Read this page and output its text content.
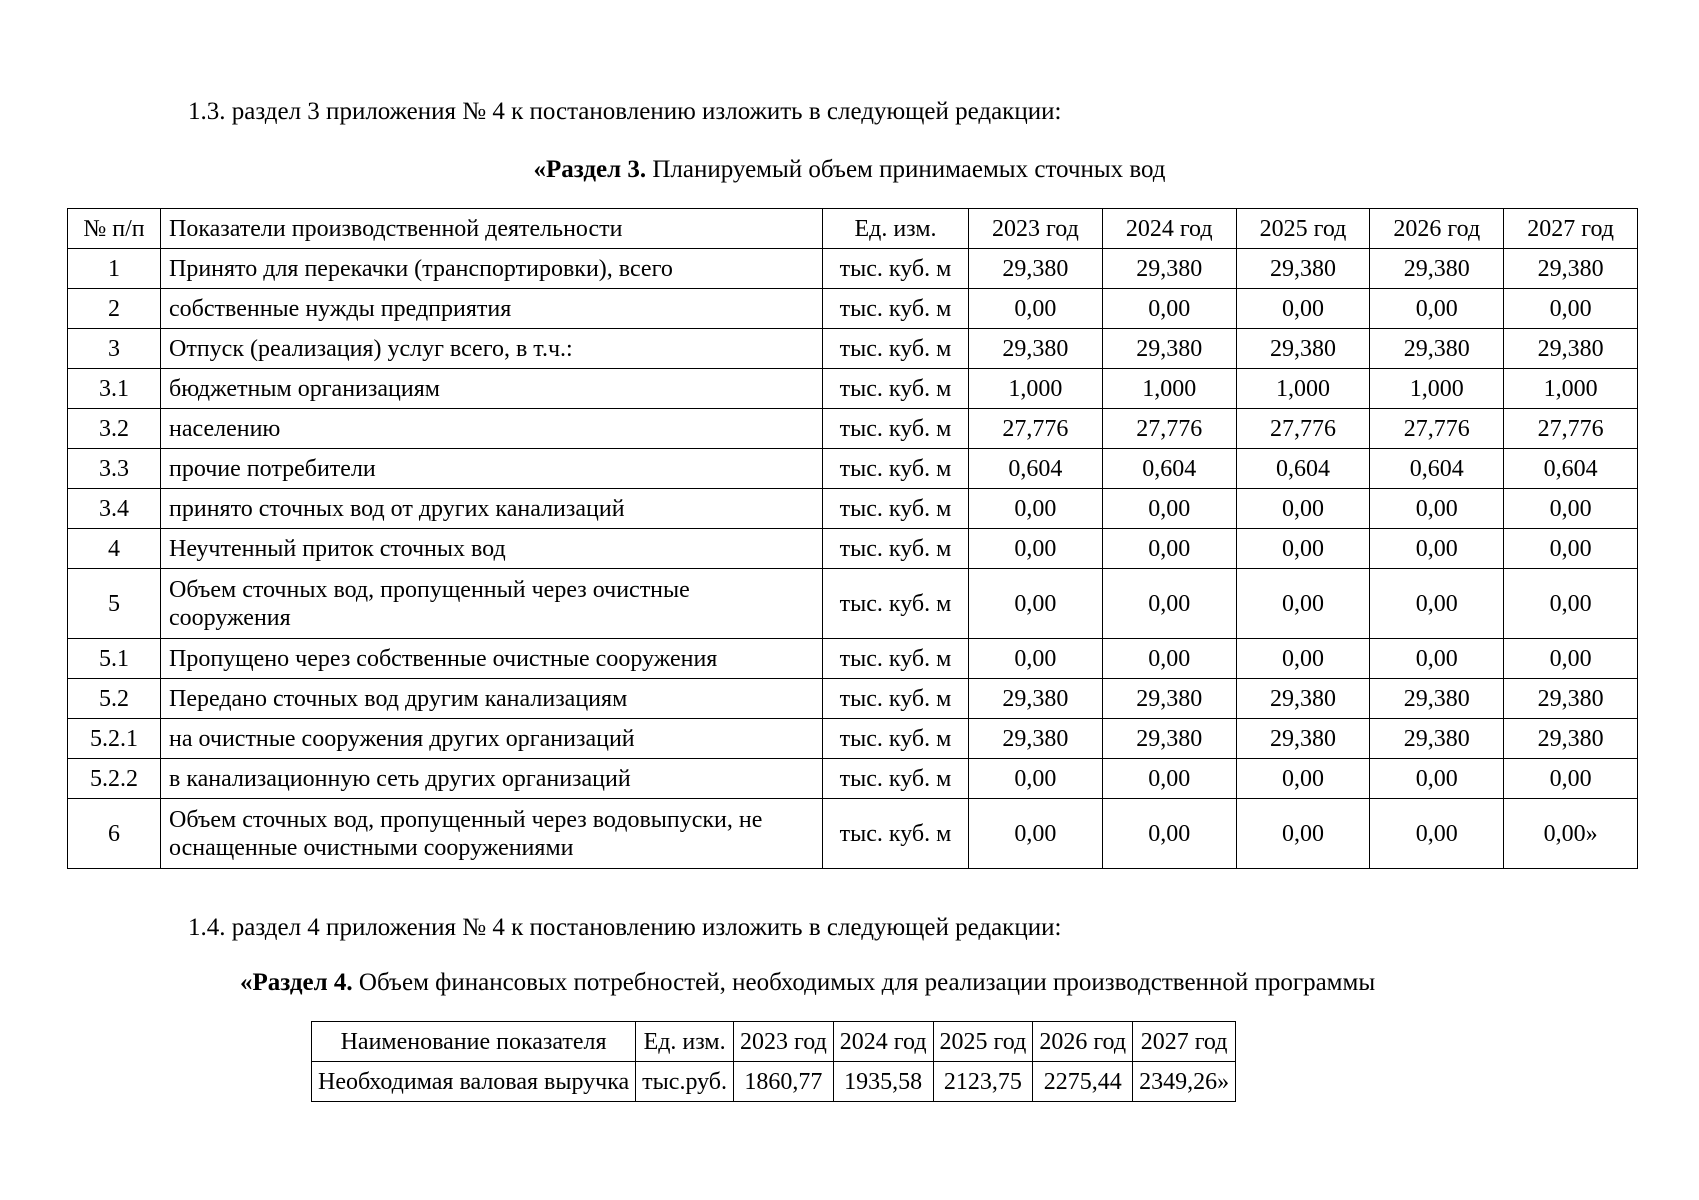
1.3. раздел 3 приложения № 4 к постановлению изложить в следующей редакции:
«Раздел 3. Планируемый объем принимаемых сточных вод
№ п/п	Показатели производственной деятельности	Ед. изм.	2023 год	2024 год	2025 год	2026 год	2027 год
1	Принято для перекачки (транспортировки), всего	тыс. куб. м	29,380	29,380	29,380	29,380	29,380
2	собственные нужды предприятия	тыс. куб. м	0,00	0,00	0,00	0,00	0,00
3	Отпуск (реализация) услуг всего, в т.ч.:	тыс. куб. м	29,380	29,380	29,380	29,380	29,380
3.1	бюджетным организациям	тыс. куб. м	1,000	1,000	1,000	1,000	1,000
3.2	населению	тыс. куб. м	27,776	27,776	27,776	27,776	27,776
3.3	прочие потребители	тыс. куб. м	0,604	0,604	0,604	0,604	0,604
3.4	принято сточных вод от других канализаций	тыс. куб. м	0,00	0,00	0,00	0,00	0,00
4	Неучтенный приток сточных вод	тыс. куб. м	0,00	0,00	0,00	0,00	0,00
5	Объем сточных вод, пропущенный через очистные сооружения	тыс. куб. м	0,00	0,00	0,00	0,00	0,00
5.1	Пропущено через собственные очистные сооружения	тыс. куб. м	0,00	0,00	0,00	0,00	0,00
5.2	Передано сточных вод другим канализациям	тыс. куб. м	29,380	29,380	29,380	29,380	29,380
5.2.1	на очистные сооружения других организаций	тыс. куб. м	29,380	29,380	29,380	29,380	29,380
5.2.2	в канализационную сеть других организаций	тыс. куб. м	0,00	0,00	0,00	0,00	0,00
6	Объем сточных вод, пропущенный через водовыпуски, не оснащенные очистными сооружениями	тыс. куб. м	0,00	0,00	0,00	0,00	0,00»
1.4. раздел 4 приложения № 4 к постановлению изложить в следующей редакции:
«Раздел 4. Объем финансовых потребностей, необходимых для реализации производственной программы
Наименование показателя	Ед. изм.	2023 год	2024 год	2025 год	2026 год	2027 год
Необходимая валовая выручка	тыс.руб.	1860,77	1935,58	2123,75	2275,44	2349,26»
